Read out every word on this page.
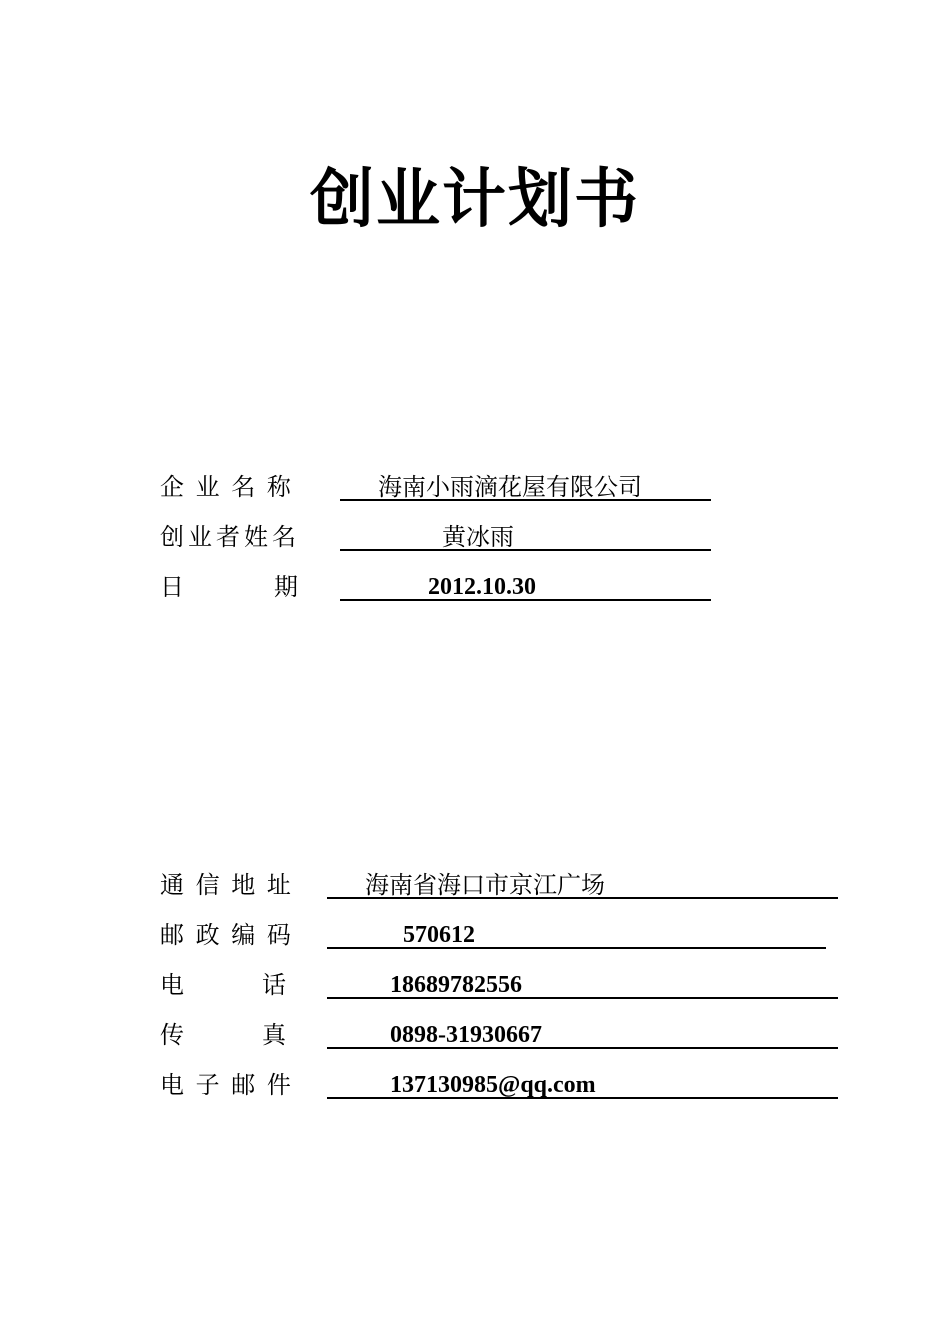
创业计划书
企 业 名 称	海南小雨滴花屋有限公司
创业者姓名	黄冰雨
日	期	2012.10.30
通 信 地 址	海南省海口市京江广场
邮 政 编 码	570612
电	话	18689782556
传	真	0898-31930667
电 子 邮 件	137130985@qq.com
